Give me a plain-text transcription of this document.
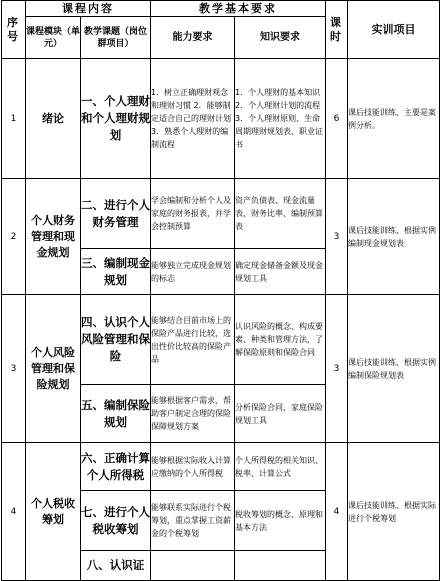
序号	课程内容		教学基本要求		课时	实训项目
	课程模块（单元）	教学课题（岗位群项目）	能力要求	知识要求		
1	绪论	一、个人理财和个人理财规划	1．树立正确理财观念和理财习惯 2．能够制定适合自己的理财计划 3．熟悉个人理财的编制流程	1．个人理财的基本知识 2．个人理财计划的流程 3．个人理财原则、生命周期理财规划表、职业证书	6	课后技能训练、主要是案例分析。
2	个人财务管理和现金规划	二、进行个人财务管理	学会编制和分析个人及家庭的财务报表，并学会控制预算	资产负债表、现金流量表、财务比率、编制预算表	3	课后技能训练、根据实例编制现金规划表
		三、编制现金规划	能够独立完成现金规划的标志	确定现金储备金额及现金规划工具		
3	个人风险管理和保险规划	四、认识个人风险管理和保险	能够结合目前市场上的保险产品进行比较，选出性价比较高的保险产品	认识风险的概念、构成要素、种类和管理方法，了解保险原则和保险合同	3	课后技能训练、根据实例编制保险规划表
		五、编制保险规划	能够根据客户需求，帮助客户制定合理的保险保障规划方案	分析保险合同，家庭保险规划工具		
4	个人税收筹划	六、正确计算个人所得税	能够根据实际收入计算应缴纳的个人所得税	个人所得税的相关知识、税率、计算公式	4	课后技能训练、根据实际进行个税筹划
		七、进行个人税收筹划	能够联系实际进行个税筹划，重点掌握工资薪金的个税筹划	税收筹划的概念、原理和基本方法		
		八、认识证				
